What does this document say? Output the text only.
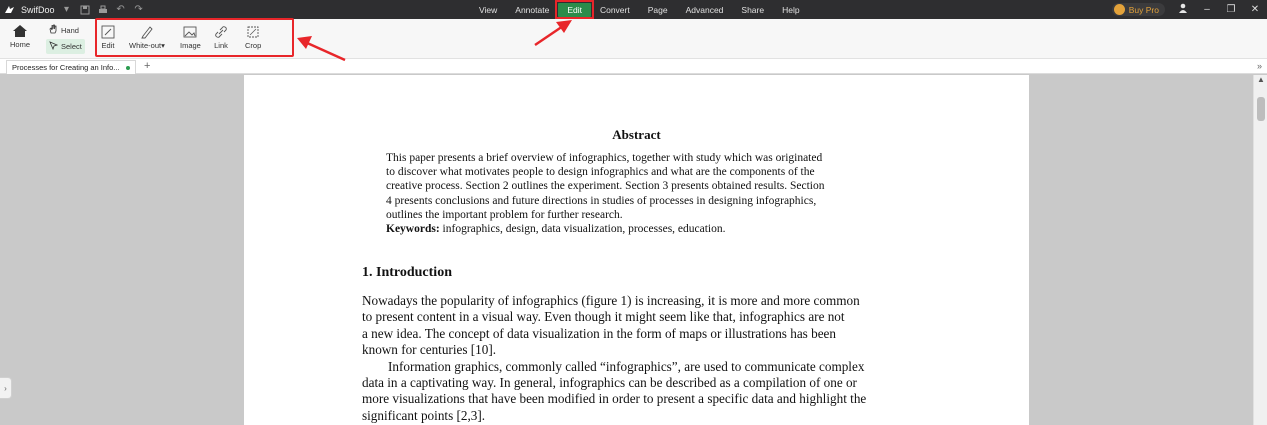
SwifDoo ▾	↶ ↷	View	Annotate	Edit	Convert	Page	Advanced	Share	Help	Buy Pro	–	❐ ✕
Home
Hand
Select	Edit White-out▾ Image Link Crop
Processes for Creating an Info... +	»
Abstract
This paper presents a brief overview of infographics, together with study which was originated
to discover what motivates people to design infographics and what are the components of the
creative process. Section 2 outlines the experiment. Section 3 presents obtained results. Section
4 presents conclusions and future directions in studies of processes in designing infographics,
outlines the important problem for further research.
Keywords: infographics, design, data visualization, processes, education.
1. Introduction
Nowadays the popularity of infographics (figure 1) is increasing, it is more and more common
to present content in a visual way. Even though it might seem like that, infographics are not
a new idea. The concept of data visualization in the form of maps or illustrations has been
known for centuries [10].
Information graphics, commonly called “infographics”, are used to communicate complex
data in a captivating way. In general, infographics can be described as a compilation of one or
more visualizations that have been modified in order to present a specific data and highlight the
significant points [2,3].
▲
›
